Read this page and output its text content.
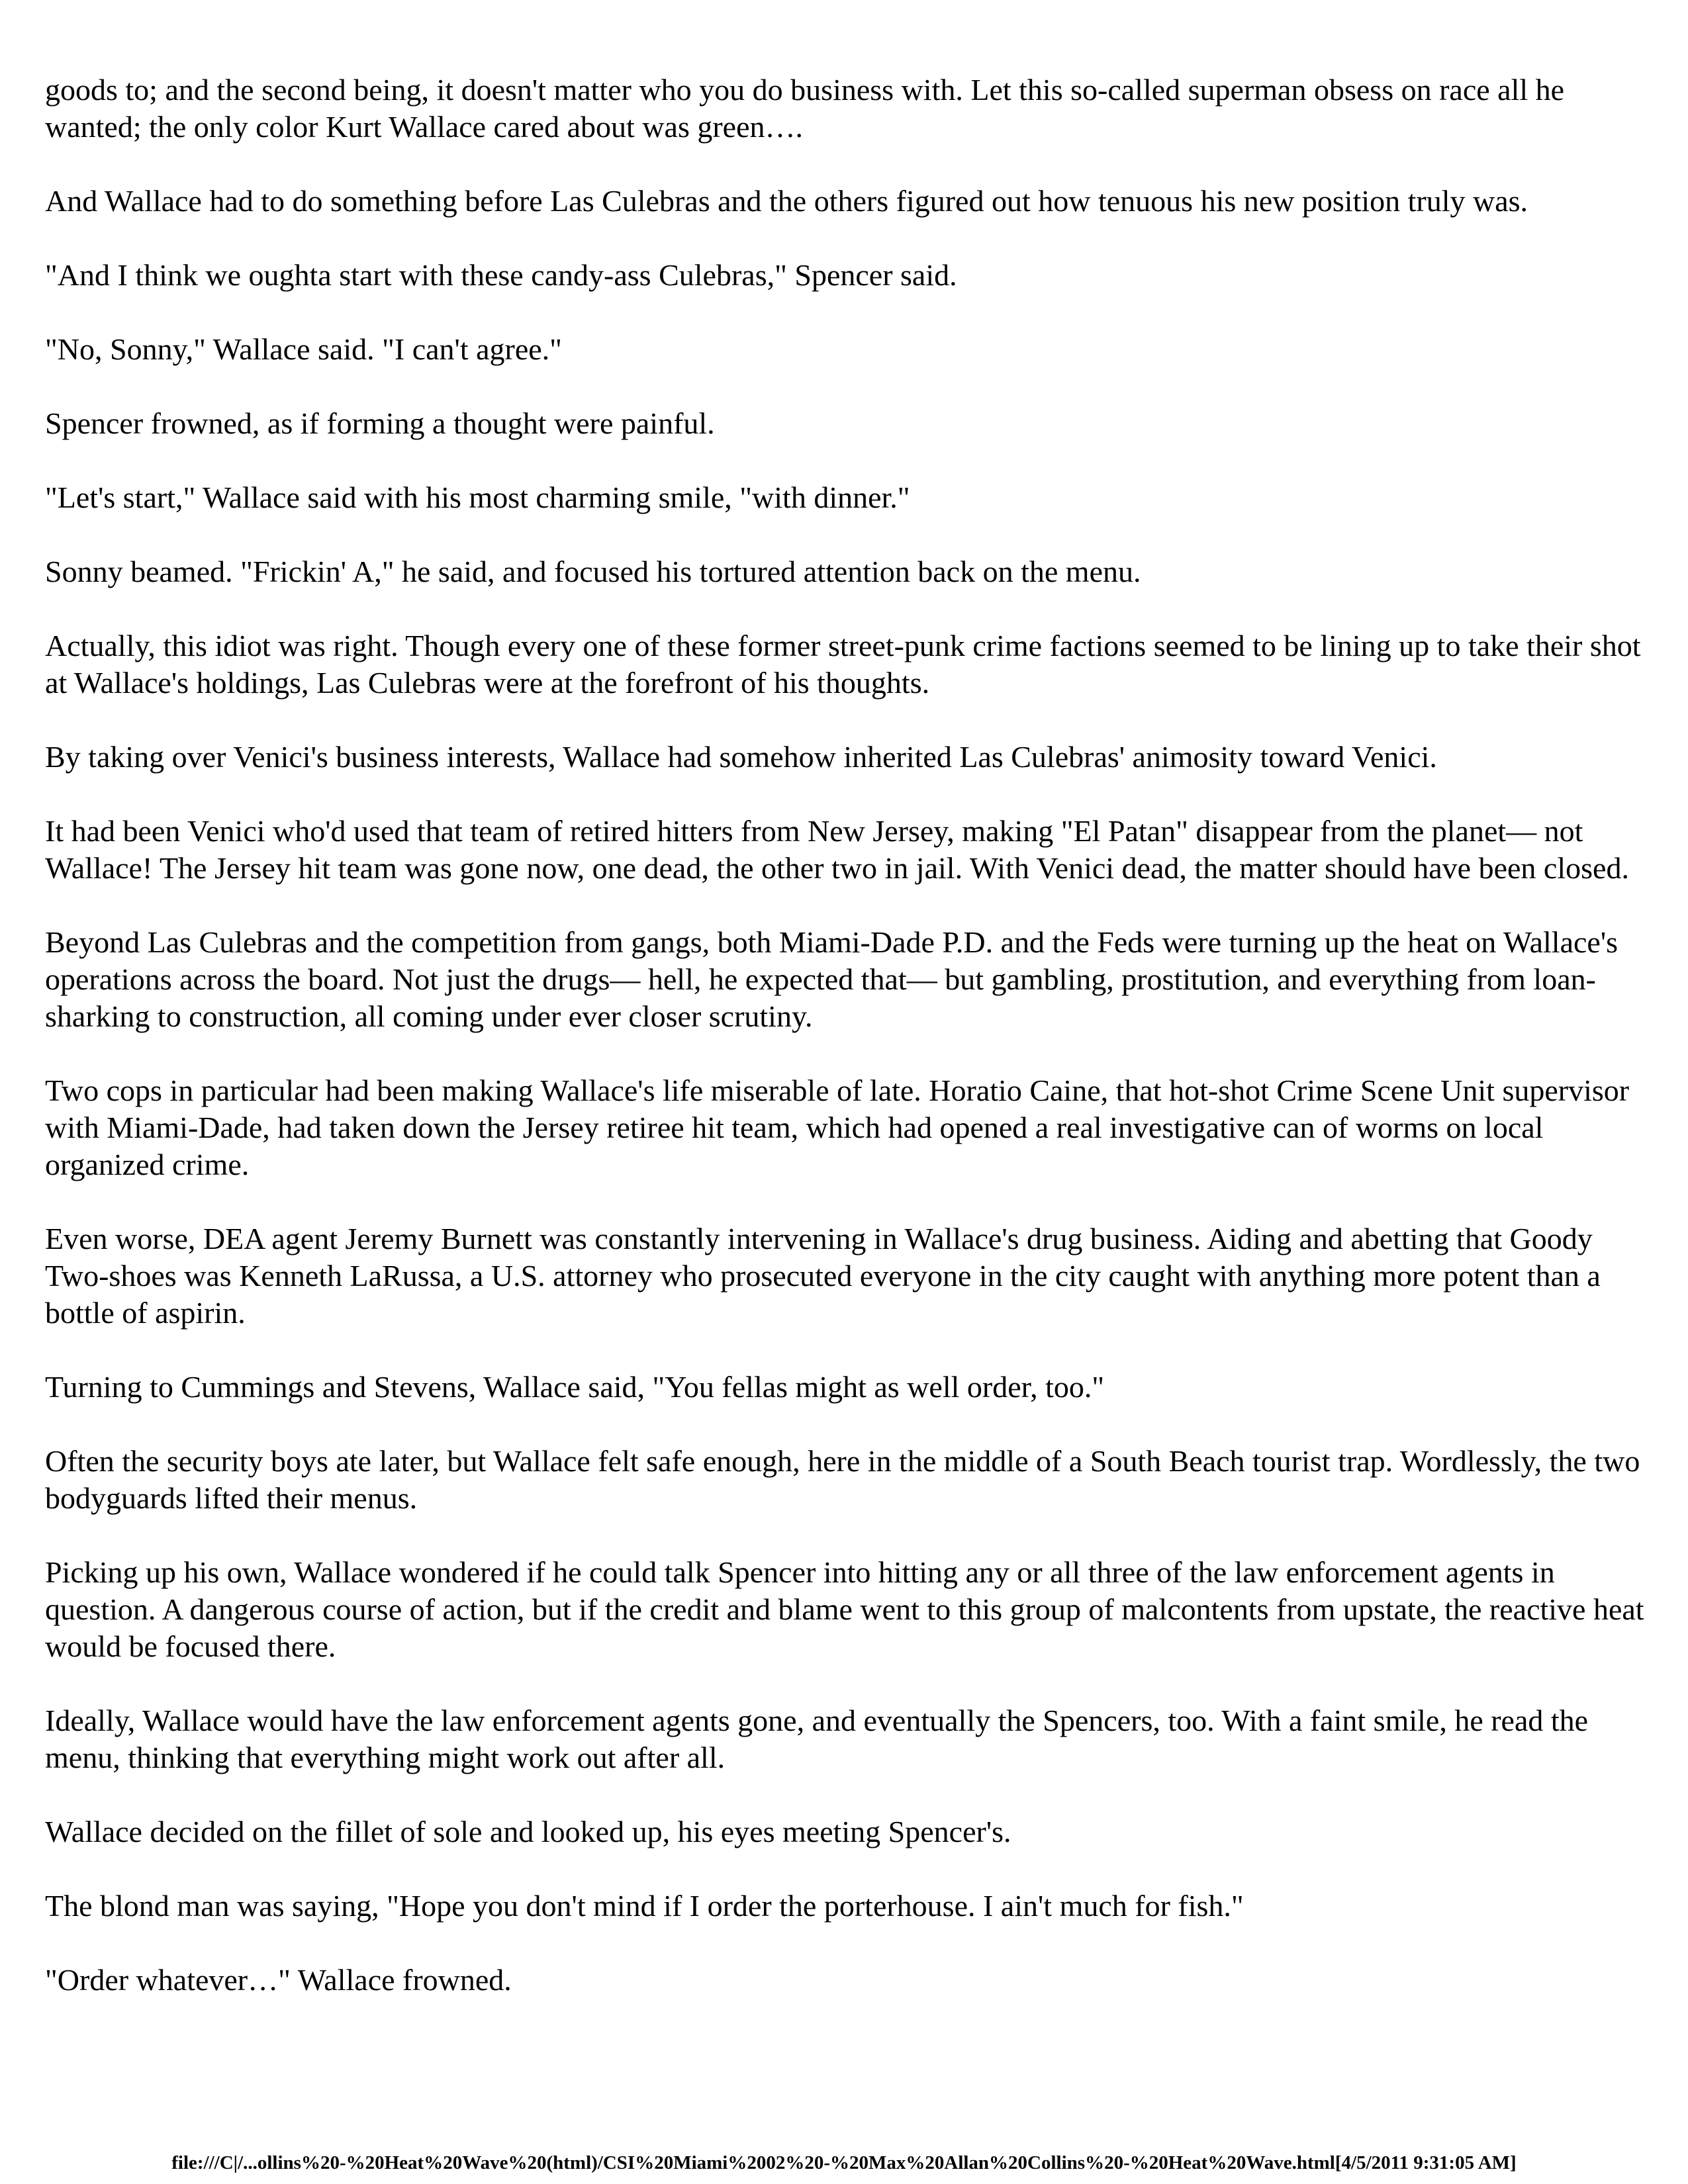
goods to; and the second being, it doesn't matter who you do business with. Let this so-called superman obsess on race all he wanted; the only color Kurt Wallace cared about was green….

And Wallace had to do something before Las Culebras and the others figured out how tenuous his new position truly was.

"And I think we oughta start with these candy-ass Culebras," Spencer said.

"No, Sonny," Wallace said. "I can't agree."

Spencer frowned, as if forming a thought were painful.

"Let's start," Wallace said with his most charming smile, "with dinner."

Sonny beamed. "Frickin' A," he said, and focused his tortured attention back on the menu.

Actually, this idiot was right. Though every one of these former street-punk crime factions seemed to be lining up to take their shot at Wallace's holdings, Las Culebras were at the forefront of his thoughts.

By taking over Venici's business interests, Wallace had somehow inherited Las Culebras' animosity toward Venici.

It had been Venici who'd used that team of retired hitters from New Jersey, making "El Patan" disappear from the planet— not Wallace! The Jersey hit team was gone now, one dead, the other two in jail. With Venici dead, the matter should have been closed.

Beyond Las Culebras and the competition from gangs, both Miami-Dade P.D. and the Feds were turning up the heat on Wallace's operations across the board. Not just the drugs— hell, he expected that— but gambling, prostitution, and everything from loan-sharking to construction, all coming under ever closer scrutiny.

Two cops in particular had been making Wallace's life miserable of late. Horatio Caine, that hot-shot Crime Scene Unit supervisor with Miami-Dade, had taken down the Jersey retiree hit team, which had opened a real investigative can of worms on local organized crime.

Even worse, DEA agent Jeremy Burnett was constantly intervening in Wallace's drug business. Aiding and abetting that Goody Two-shoes was Kenneth LaRussa, a U.S. attorney who prosecuted everyone in the city caught with anything more potent than a bottle of aspirin.

Turning to Cummings and Stevens, Wallace said, "You fellas might as well order, too."

Often the security boys ate later, but Wallace felt safe enough, here in the middle of a South Beach tourist trap. Wordlessly, the two bodyguards lifted their menus.

Picking up his own, Wallace wondered if he could talk Spencer into hitting any or all three of the law enforcement agents in question. A dangerous course of action, but if the credit and blame went to this group of malcontents from upstate, the reactive heat would be focused there.

Ideally, Wallace would have the law enforcement agents gone, and eventually the Spencers, too. With a faint smile, he read the menu, thinking that everything might work out after all.

Wallace decided on the fillet of sole and looked up, his eyes meeting Spencer's.

The blond man was saying, "Hope you don't mind if I order the porterhouse. I ain't much for fish."

"Order whatever…" Wallace frowned.

file:///C|/...ollins%20-%20Heat%20Wave%20(html)/CSI%20Miami%2002%20-%20Max%20Allan%20Collins%20-%20Heat%20Wave.html[4/5/2011 9:31:05 AM]
